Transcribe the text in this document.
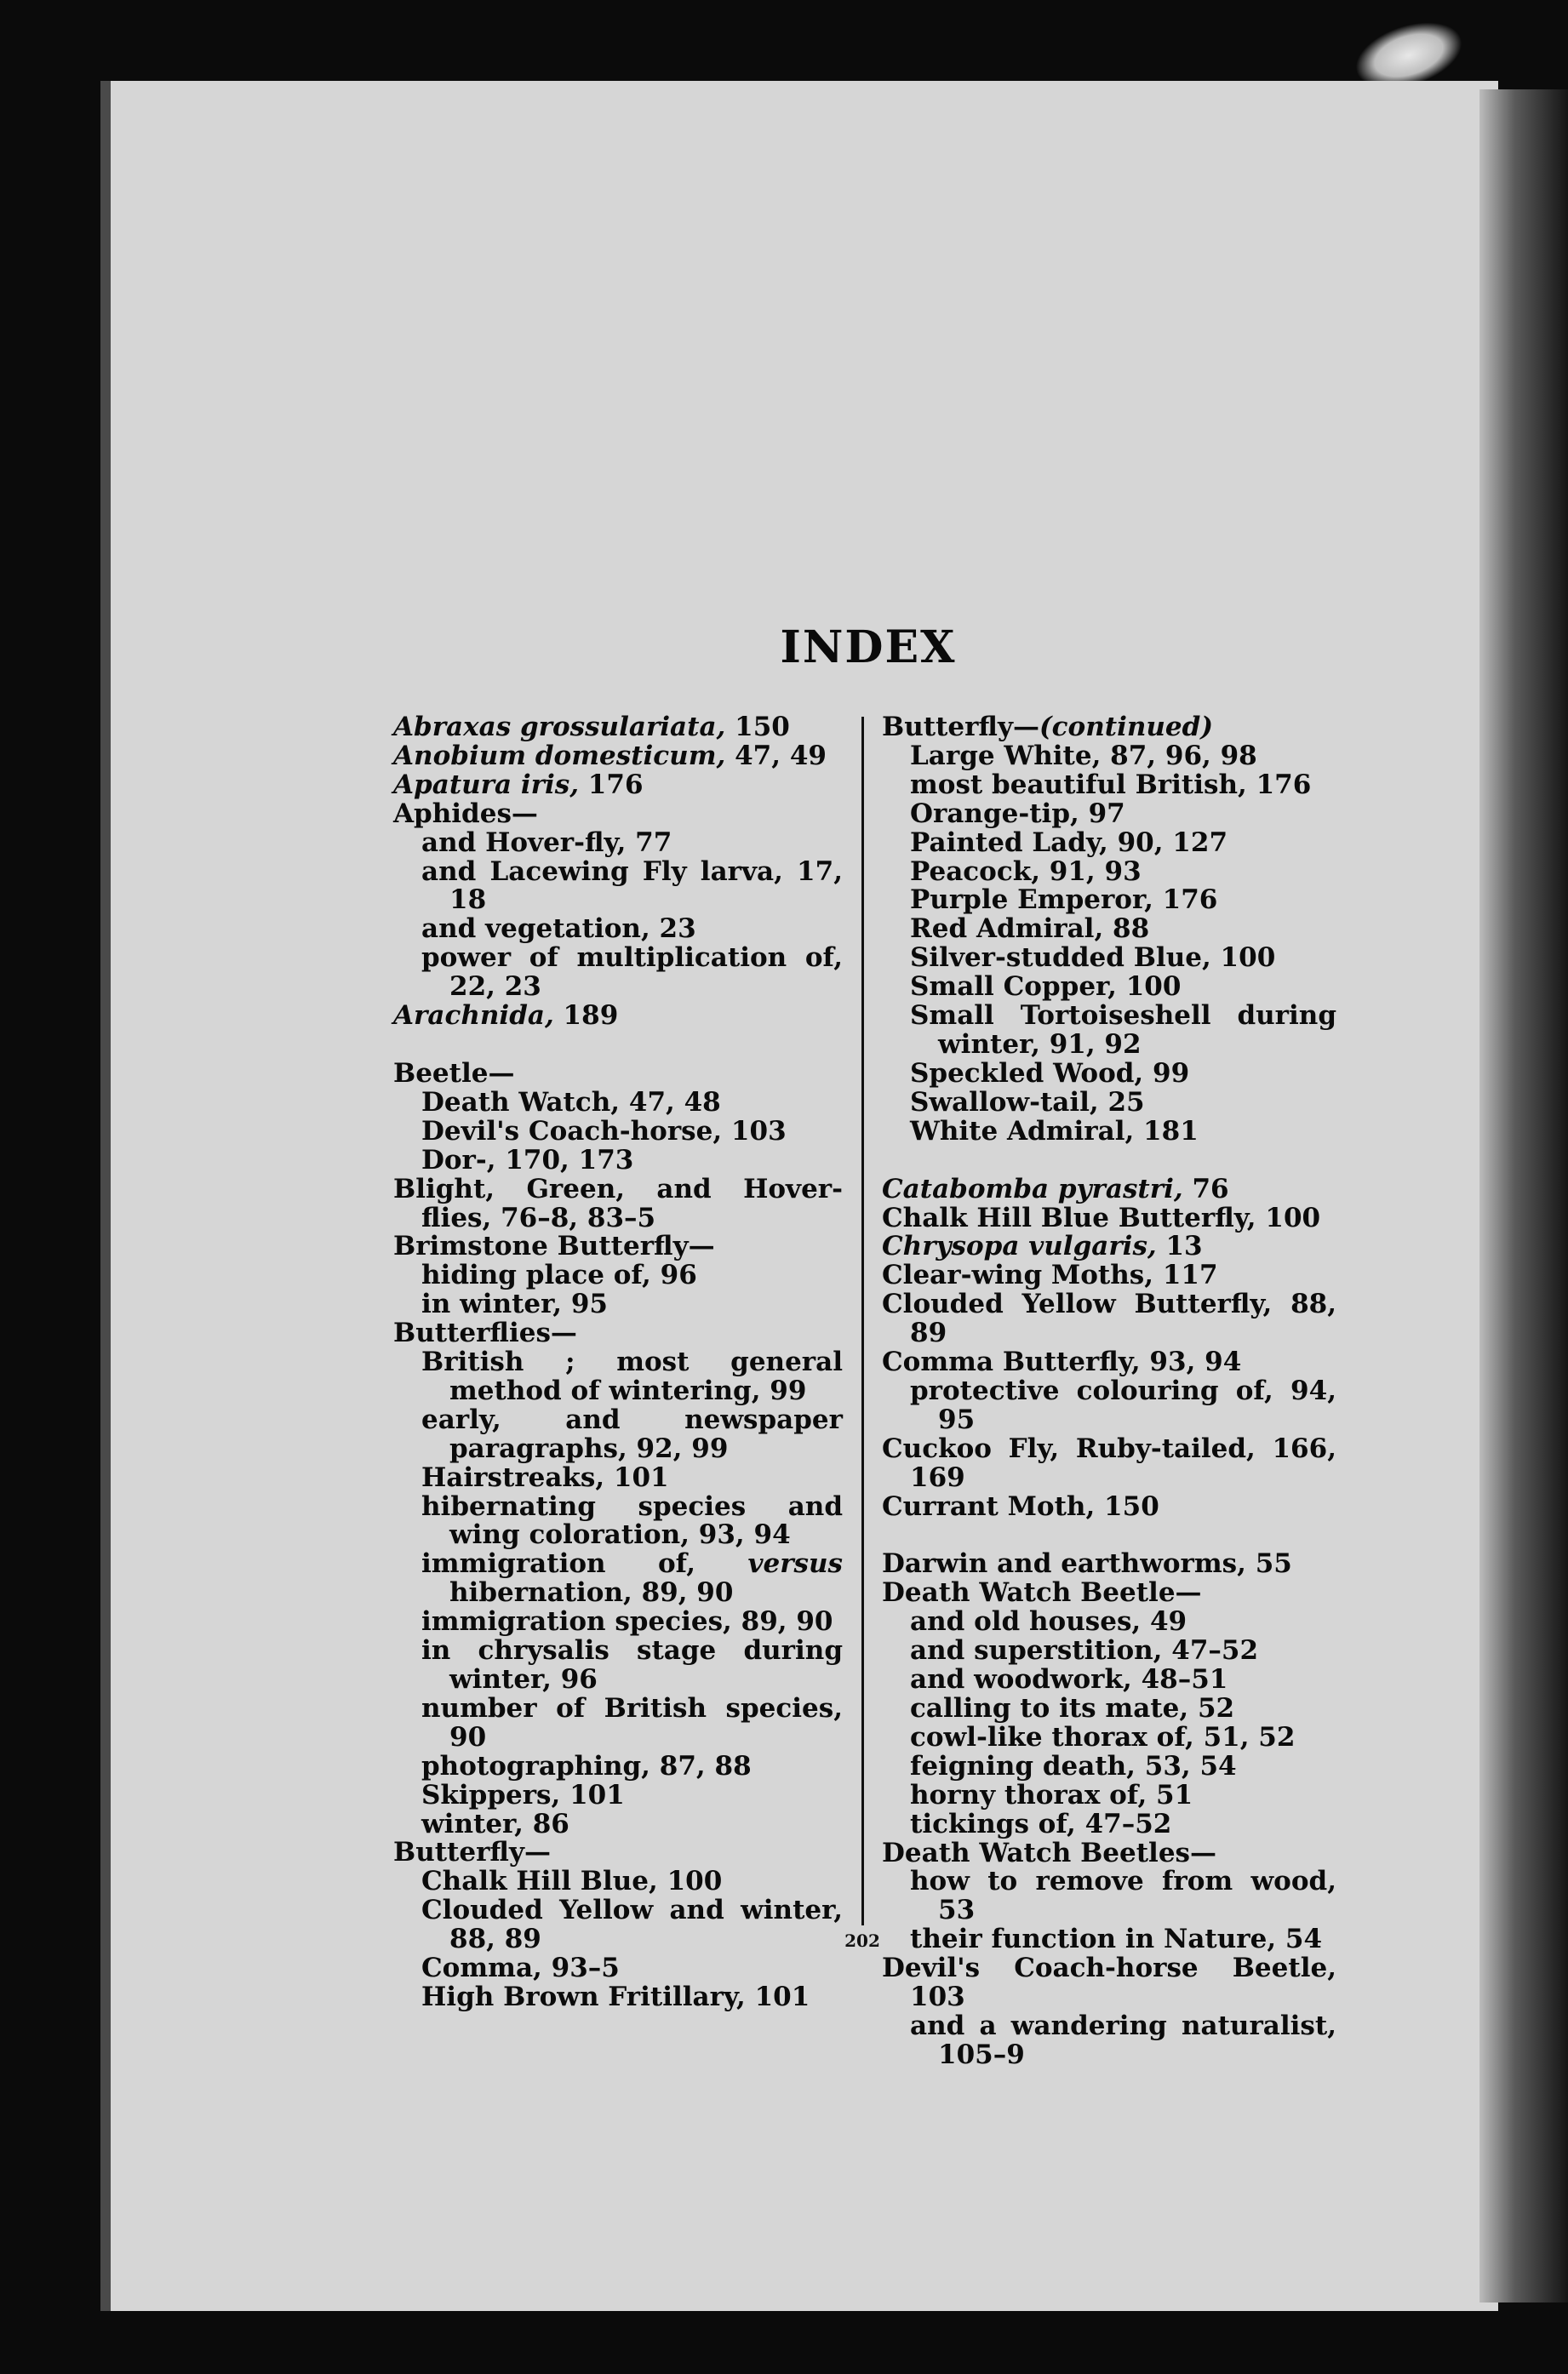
INDEX
Abraxas grossulariata, 150
Anobium domesticum, 47, 49
Apatura iris, 176
Aphides—
and Hover-fly, 77
and Lacewing Fly larva, 17, 18
and vegetation, 23
power of multiplication of, 22, 23
Arachnida, 189
Beetle—
Death Watch, 47, 48
Devil's Coach-horse, 103
Dor-, 170, 173
Blight, Green, and Hover-flies, 76–8, 83–5
Brimstone Butterfly—
hiding place of, 96
in winter, 95
Butterflies—
British ; most general method of wintering, 99
early, and newspaper paragraphs, 92, 99
Hairstreaks, 101
hibernating species and wing coloration, 93, 94
immigration of, versus hibernation, 89, 90
immigration species, 89, 90
in chrysalis stage during winter, 96
number of British species, 90
photographing, 87, 88
Skippers, 101
winter, 86
Butterfly—
Chalk Hill Blue, 100
Clouded Yellow and winter, 88, 89
Comma, 93–5
High Brown Fritillary, 101
Butterfly—(continued)
Large White, 87, 96, 98
most beautiful British, 176
Orange-tip, 97
Painted Lady, 90, 127
Peacock, 91, 93
Purple Emperor, 176
Red Admiral, 88
Silver-studded Blue, 100
Small Copper, 100
Small Tortoiseshell during winter, 91, 92
Speckled Wood, 99
Swallow-tail, 25
White Admiral, 181
Catabomba pyrastri, 76
Chalk Hill Blue Butterfly, 100
Chrysopa vulgaris, 13
Clear-wing Moths, 117
Clouded Yellow Butterfly, 88, 89
Comma Butterfly, 93, 94
protective colouring of, 94, 95
Cuckoo Fly, Ruby-tailed, 166, 169
Currant Moth, 150
Darwin and earthworms, 55
Death Watch Beetle—
and old houses, 49
and superstition, 47–52
and woodwork, 48–51
calling to its mate, 52
cowl-like thorax of, 51, 52
feigning death, 53, 54
horny thorax of, 51
tickings of, 47–52
Death Watch Beetles—
how to remove from wood, 53
their function in Nature, 54
Devil's Coach-horse Beetle, 103
and a wandering naturalist, 105–9
202
